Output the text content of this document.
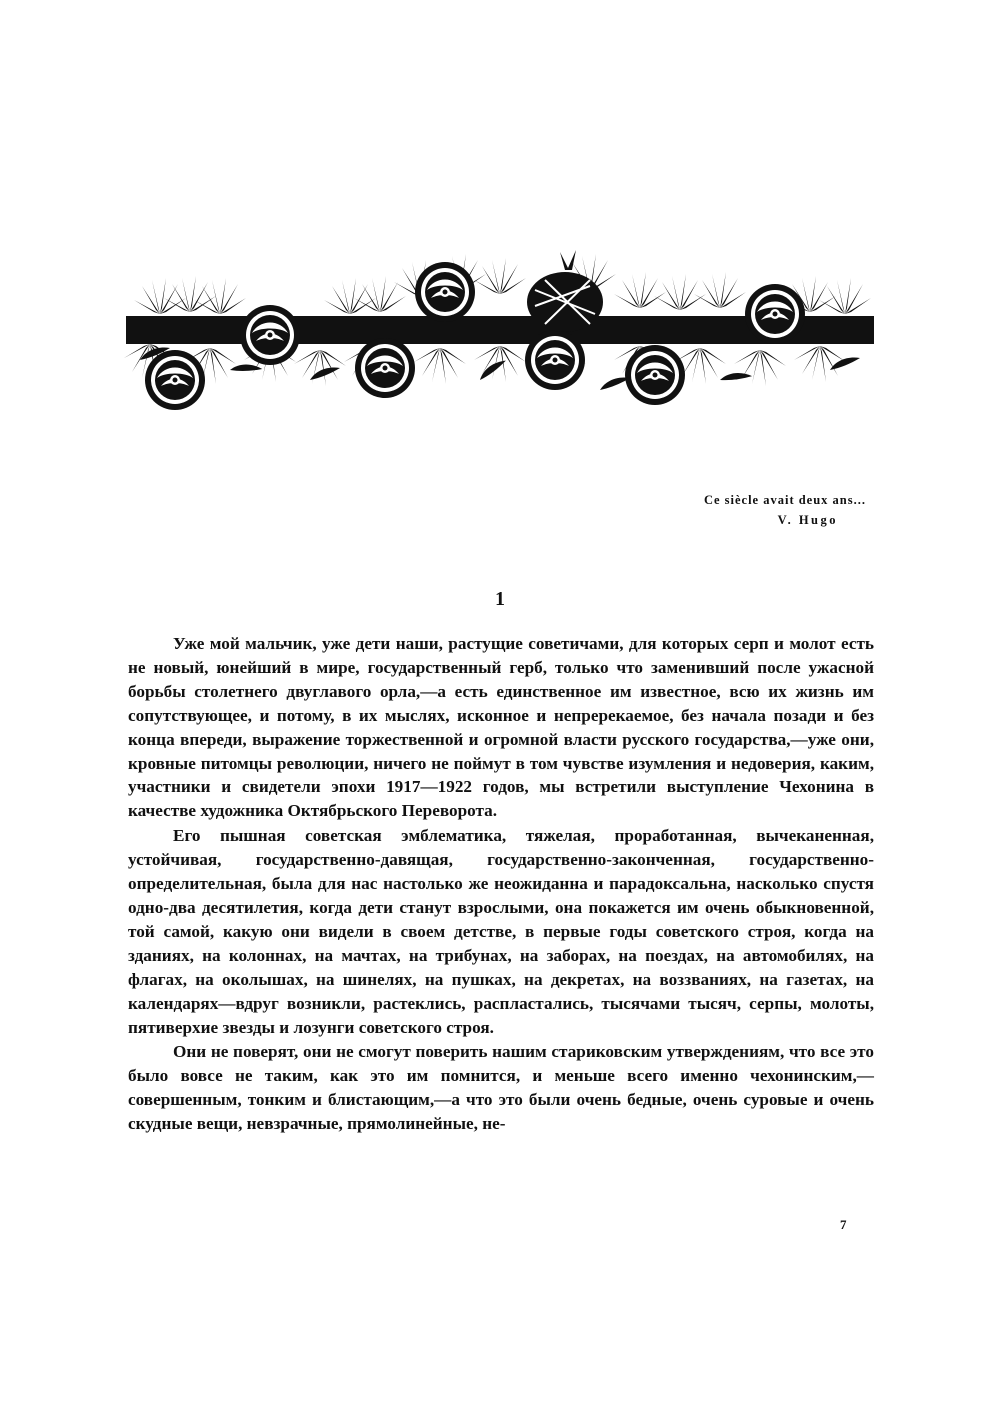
Ce siècle avait deux ans...
V. Hugo
1

Уже мой мальчик, уже дети наши, растущие советичами, для которых серп и молот есть не новый, юнейший в мире, государственный герб, только что заменивший после ужасной борьбы столетнего двуглавого орла,—а есть единственное им известное, всю их жизнь им сопутствующее, и потому, в их мыслях, исконное и непререкаемое, без начала позади и без конца впереди, выражение торжественной и огромной власти русского государства,—уже они, кровные питомцы революции, ничего не поймут в том чувстве изумления и недоверия, каким, участники и свидетели эпохи 1917—1922 годов, мы встретили выступление Чехонина в качестве художника Октябрьского Переворота.

Его пышная советская эмблематика, тяжелая, проработанная, вычеканенная, устойчивая, государственно-давящая, государственно-законченная, государственно-определительная, была для нас настолько же неожиданна и парадоксальна, насколько спустя одно-два десятилетия, когда дети станут взрослыми, она покажется им очень обыкновенной, той самой, какую они видели в своем детстве, в первые годы советского строя, когда на зданиях, на колоннах, на мачтах, на трибунах, на заборах, на поездах, на автомобилях, на флагах, на околышах, на шинелях, на пушках, на декретах, на воззваниях, на газетах, на календарях—вдруг возникли, растеклись, распластались, тысячами тысяч, серпы, молоты, пятиверхие звезды и лозунги советского строя.

Они не поверят, они не смогут поверить нашим стариковским утверждениям, что все это было вовсе не таким, как это им помнится, и меньше всего именно чехонинским,—совершенным, тонким и блистающим,—а что это были очень бедные, очень суровые и очень скудные вещи, невзрачные, прямолинейные, не-

7
